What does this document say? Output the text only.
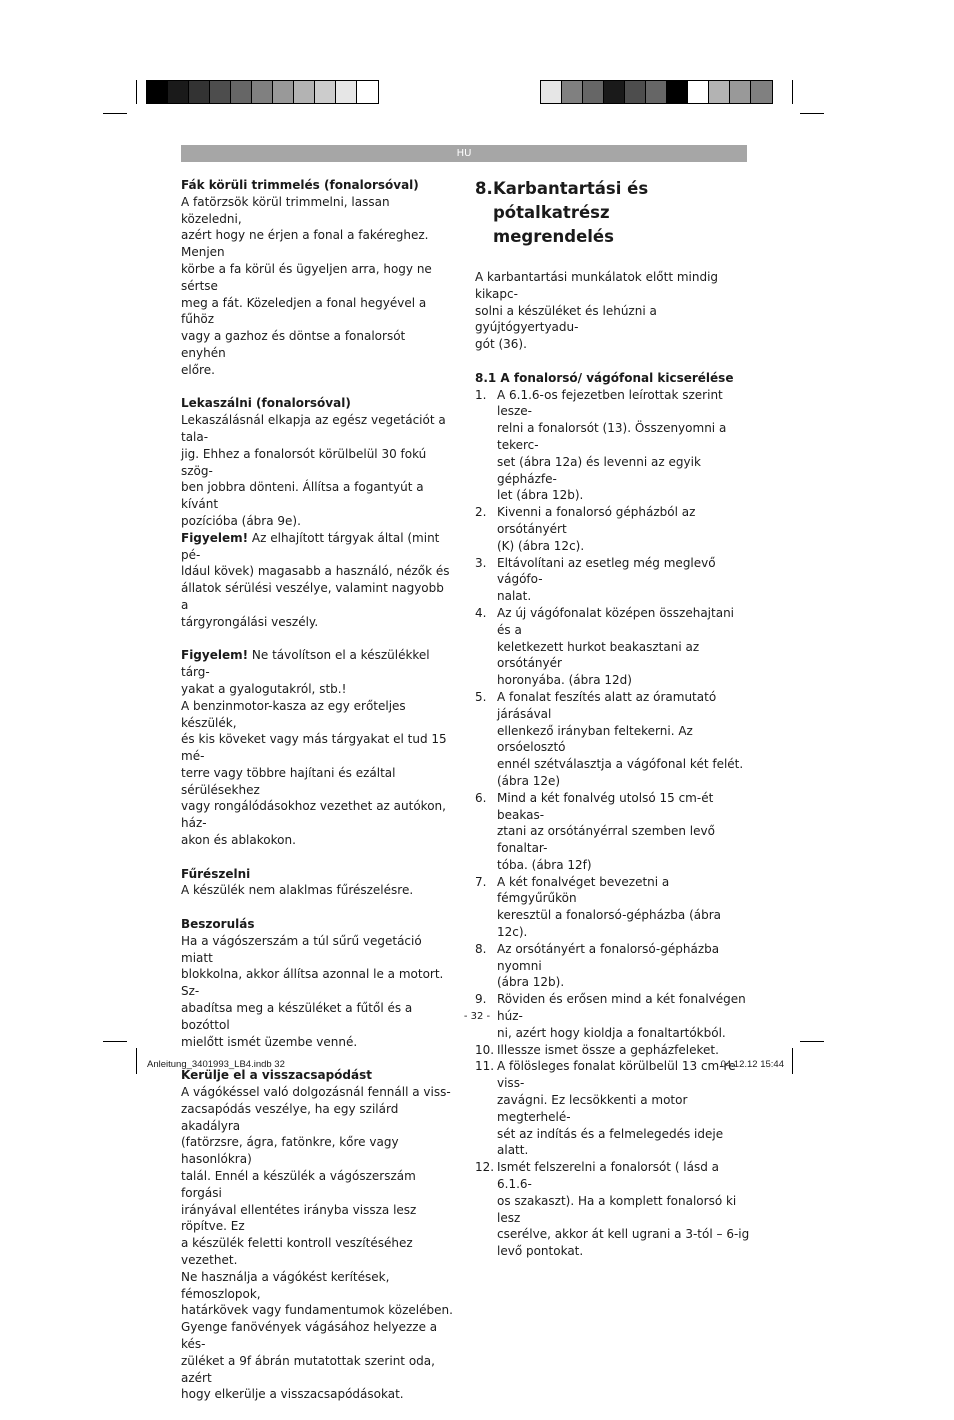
HU

Fák körüli trimmelés (fonalorsóval)

A fatörzsök körül trimmelni, lassan közeledni,

azért hogy ne érjen a fonal a fakéreghez. Menjen

körbe a fa körül és ügyeljen arra, hogy ne sértse

meg a fát. Közeledjen a fonal hegyével a fűhöz

vagy a gazhoz és döntse a fonalorsót enyhén

előre.

Lekaszálni (fonalorsóval)

Lekaszálásnál elkapja az egész vegetációt a tala-

jig. Ehhez a fonalorsót körülbelül 30 fokú szög-

ben jobbra dönteni. Állítsa a fogantyút a kívánt

pozícióba (ábra 9e).

Figyelem! Az elhajított tárgyak által (mint pé-

ldául kövek) magasabb a használó, nézők és

állatok sérülési veszélye, valamint nagyobb a

tárgyrongálási veszély.

Figyelem! Ne távolítson el a készülékkel tárg-

yakat a gyalogutakról, stb.!

A benzinmotor-kasza az egy erőteljes készülék,

és kis köveket vagy más tárgyakat el tud 15 mé-

terre vagy többre hajítani és ezáltal sérülésekhez

vagy rongálódásokhoz vezethet az autókon, ház-

akon és ablakokon.

Fűrészelni

A készülék nem alaklmas fűrészelésre.

Beszorulás

Ha a vágószerszám a túl sűrű vegetáció miatt

blokkolna, akkor állítsa azonnal le a motort. Sz-

abadítsa meg a készüléket a fűtől és a bozóttol

mielőtt ismét üzembe venné.

Kerülje el a visszacsapódást

A vágókéssel való dolgozásnál fennáll a viss-

zacsapódás veszélye, ha egy szilárd akadályra

(fatörzsre, ágra, fatönkre, kőre vagy hasonlókra)

talál. Ennél a készülék a vágószerszám forgási

irányával ellentétes irányba vissza lesz röpítve. Ez

a készülék feletti kontroll veszítéséhez vezethet.

Ne használja a vágókést kerítések, fémoszlopok,

határkövek vagy fundamentumok közelében.

Gyenge fanövények vágásához helyezze a kés-

züléket a 9f ábrán mutatottak szerint oda, azért

hogy elkerülje a visszacsapódásokat.

8. Karbantartási és pótalkatrész
megrendelés

A karbantartási munkálatok előtt mindig kikapc-

solni a készüléket és lehúzni a gyújtógyertyadu-

gót (36).

8.1 A fonalorsó/ vágófonal kicserélése

1. A 6.1.6-os fejezetben leírottak szerint lesze-
relni a fonalorsót (13). Összenyomni a tekerc-
set (ábra 12a) és levenni az egyik gépházfe-
let (ábra 12b).
2. Kivenni a fonalorsó gépházból az orsótányért
(K) (ábra 12c).
3. Eltávolítani az esetleg még meglevő vágófo-
nalat.
4. Az új vágófonalat középen összehajtani és a
keletkezett hurkot beakasztani az orsótányér
horonyába. (ábra 12d)
5. A fonalat feszítés alatt az óramutató járásával
ellenkező irányban feltekerni. Az orsóelosztó
ennél szétválasztja a vágófonal két felét.
(ábra 12e)
6. Mind a két fonalvég utolsó 15 cm-ét beakas-
ztani az orsótányérral szemben levő fonaltar-
tóba. (ábra 12f)
7. A két fonalvéget bevezetni a fémgyűrűkön
keresztül a fonalorsó-gépházba (ábra 12c).
8. Az orsótányért a fonalorsó-gépházba nyomni
(ábra 12b).
9. Röviden és erősen mind a két fonalvégen húz-
ni, azért hogy kioldja a fonaltartókból.
10. Illessze ismet össze a gepházfeleket.
11. A fölösleges fonalat körülbelül 13 cm-re viss-
zavágni. Ez lecsökkenti a motor megterhelé-
sét az indítás és a felmelegedés ideje alatt.
12. Ismét felszerelni a fonalorsót ( lásd a 6.1.6-
os szakaszt). Ha a komplett fonalorsó ki lesz
cserélve, akkor át kell ugrani a 3-tól – 6-ig
levő pontokat.
- 32 -
Anleitung_3401993_LB4.indb 32	04.12.12 15:44
